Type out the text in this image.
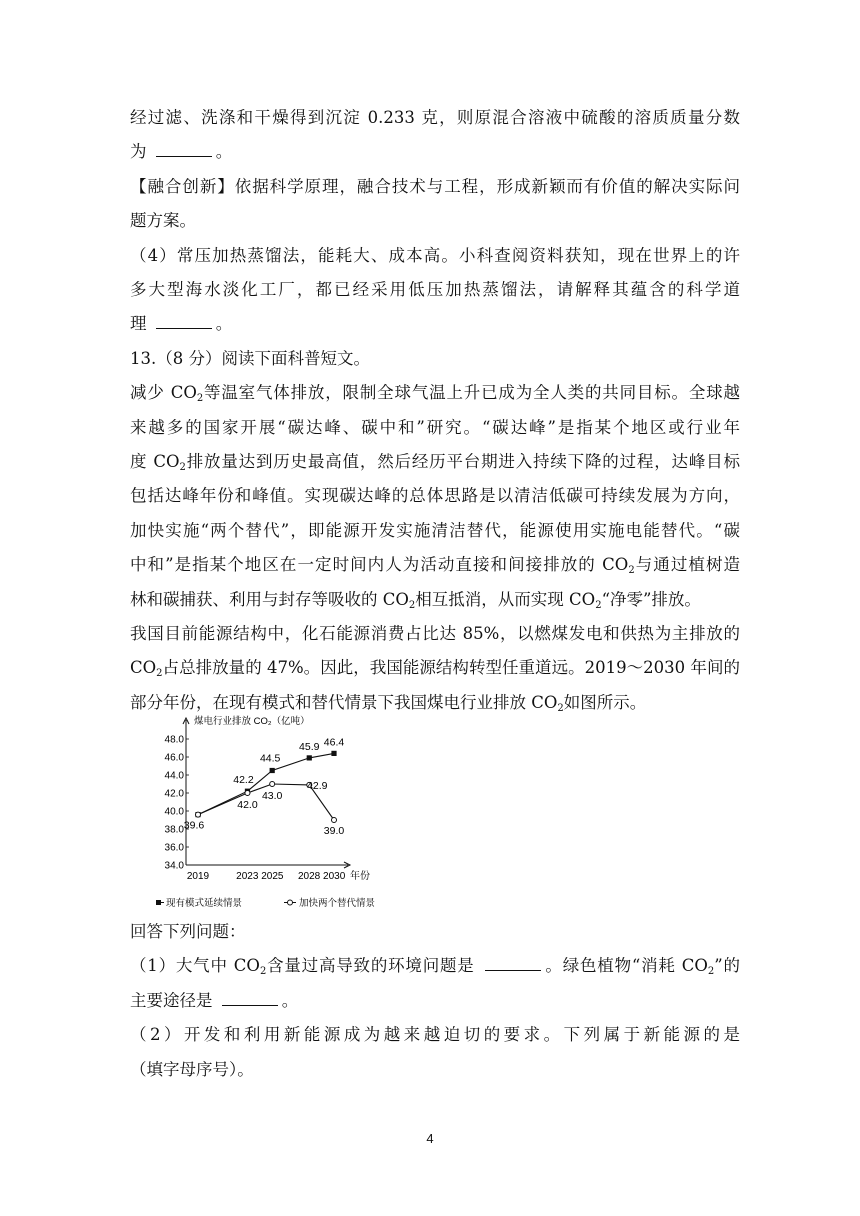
经过滤、洗涤和干燥得到沉淀 0.233 克，则原混合溶液中硫酸的溶质质量分数
为	。
【融合创新】依据科学原理，融合技术与工程，形成新颖而有价值的解决实际问
题方案。
（4）常压加热蒸馏法，能耗大、成本高。小科查阅资料获知，现在世界上的许
多大型海水淡化工厂，都已经采用低压加热蒸馏法，请解释其蕴含的科学道
理	。
13.（8 分）阅读下面科普短文。
减少 $CO_2$等温室气体排放，限制全球气温上升已成为全人类的共同目标。全球越
来越多的国家开展“碳达峰、碳中和”研究。“碳达峰”是指某个地区或行业年
度 $CO_2$排放量达到历史最高值，然后经历平台期进入持续下降的过程，达峰目标
包括达峰年份和峰值。实现碳达峰的总体思路是以清洁低碳可持续发展为方向，
加快实施“两个替代”，即能源开发实施清洁替代，能源使用实施电能替代。“碳
中和”是指某个地区在一定时间内人为活动直接和间接排放的 $CO_2$与通过植树造
林和碳捕获、利用与封存等吸收的 $CO_2$相互抵消，从而实现 $CO_2“$净零”排放。
我国目前能源结构中，化石能源消费占比达 85%，以燃煤发电和供热为主排放的
$CO_2$占总排放量的 47%。因此，我国能源结构转型任重道远。2019～2030 年间的
部分年份，在现有模式和替代情景下我国煤电行业排放 $CO_2$如图所示。
煤电行业排放 CO₂（亿吨）
年份
34.0
36.0
38.0
40.0
42.0
44.0
46.0
48.0
2019	2023 2025 2028 2030
39.6
42.2
44.5
45.9 46.4
42.0
43.0
42.9
39.0
现有模式延续情景	加快两个替代情景
回答下列问题：
（1）大气中 $CO_2$含量过高导致的环境问题是	。绿色植物“消耗 $CO_2$”的
主要途径是	。
（2）开发和利用新能源成为越来越迫切的要求。下列属于新能源的是
（填字母序号）。
4
